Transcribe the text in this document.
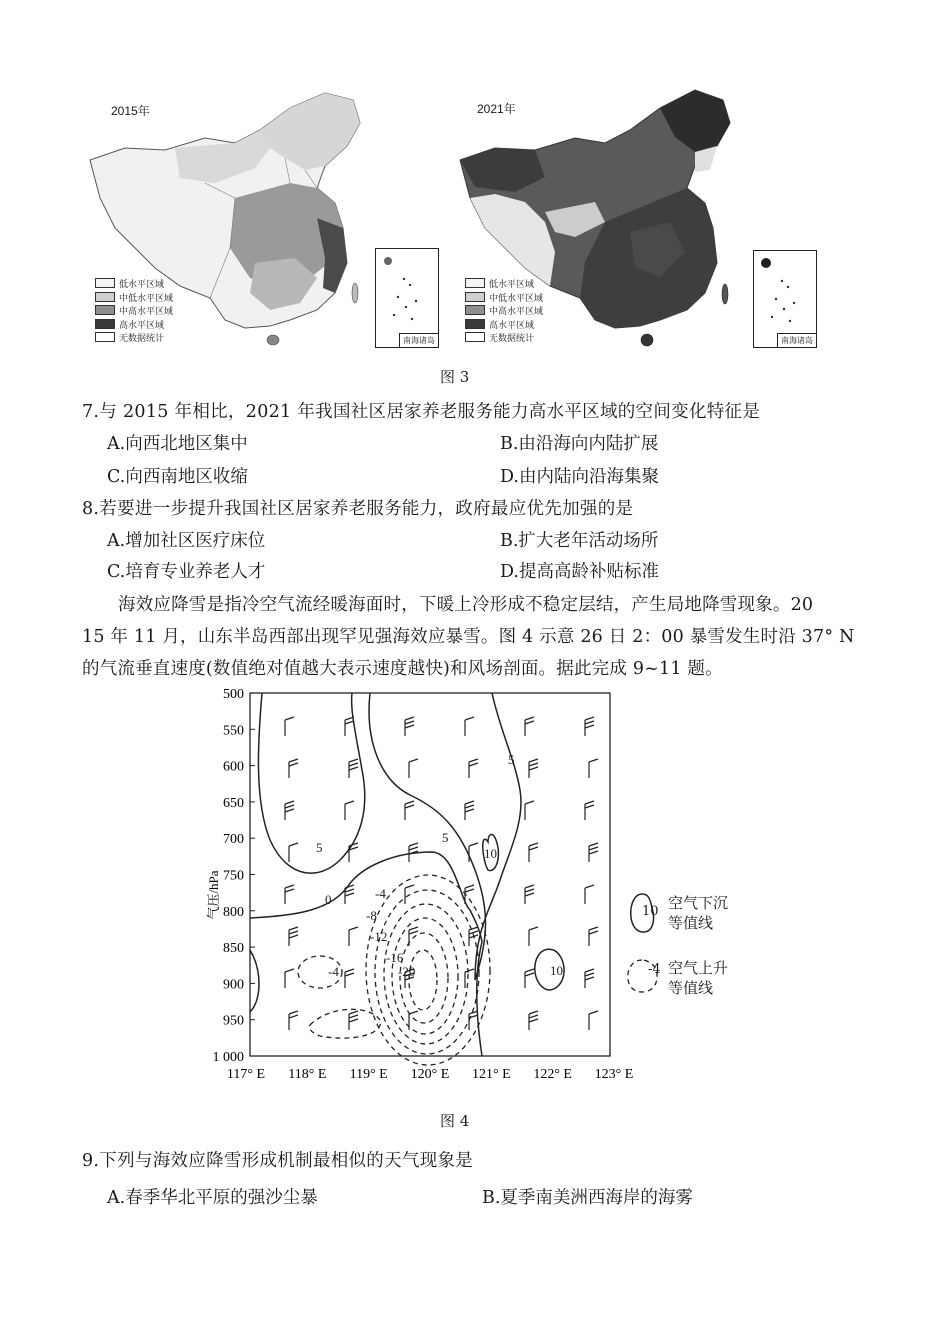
2015年
低水平区域
中低水平区域
中高水平区域
高水平区域
无数据统计	南海诸岛
2021年
低水平区域
中低水平区域
中高水平区域
高水平区域
无数据统计	南海诸岛
图 3
7.与 2015 年相比，2021 年我国社区居家养老服务能力高水平区域的空间变化特征是
A.向西北地区集中	B.由沿海向内陆扩展
C.向西南地区收缩	D.由内陆向沿海集聚
8.若要进一步提升我国社区居家养老服务能力，政府最应优先加强的是
A.增加社区医疗床位	B.扩大老年活动场所
C.培育专业养老人才	D.提高高龄补贴标准
海效应降雪是指冷空气流经暖海面时，下暖上冷形成不稳定层结，产生局地降雪现象。20
15 年 11 月，山东半岛西部出现罕见强海效应暴雪。图 4 示意 26 日 2：00 暴雪发生时沿 37° N
的气流垂直速度(数值绝对值越大表示速度越快)和风场剖面。据此完成 9~11 题。
气压/hPa
500
550
600
650
700
750
800
850
900
950
1 000
117° E 118° E 119° E 120° E 121° E 122° E 123° E
5
5
5
0
10
10
-4
-8
-12
-16
-20
-4
10 空气下沉
等值线
-4 空气上升
等值线
图 4
9.下列与海效应降雪形成机制最相似的天气现象是
A.春季华北平原的强沙尘暴	B.夏季南美洲西海岸的海雾
